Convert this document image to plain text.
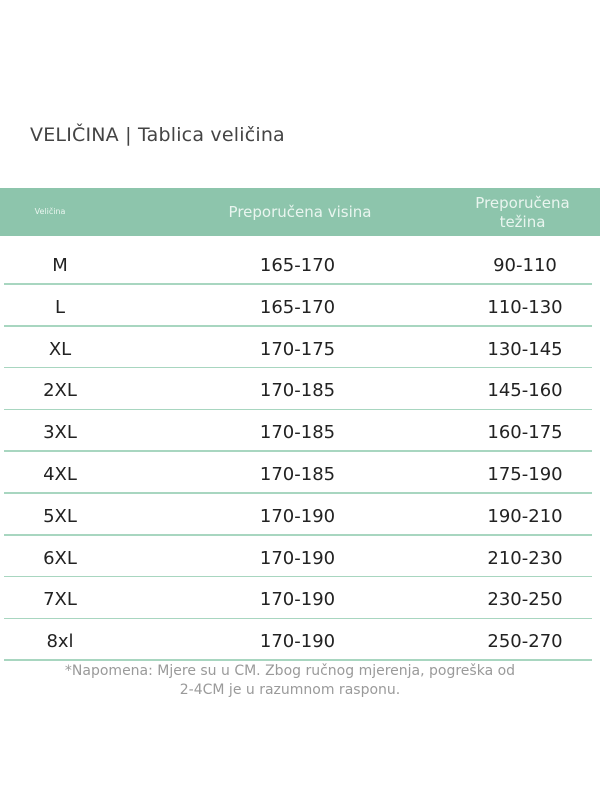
VELIČINA | Tablica veličina
Veličina	Preporučena visina	Preporučena
težina
M	165-170	90-110
L	165-170	110-130
XL	170-175	130-145
2XL	170-185	145-160
3XL	170-185	160-175
4XL	170-185	175-190
5XL	170-190	190-210
6XL	170-190	210-230
7XL	170-190	230-250
8xl	170-190	250-270
*Napomena: Mjere su u CM. Zbog ručnog mjerenja, pogreška od
2-4CM je u razumnom rasponu.
